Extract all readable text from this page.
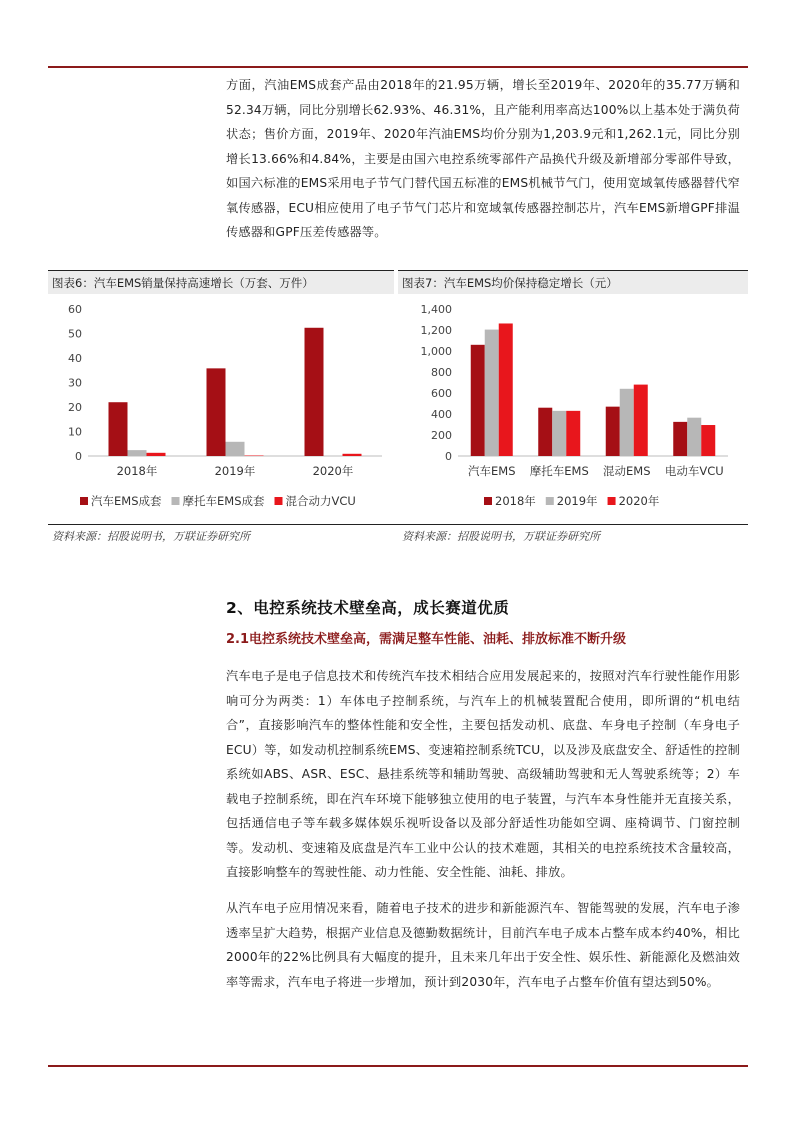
方面，汽油EMS成套产品由2018年的21.95万辆，增长至2019年、2020年的35.77万辆和52.34万辆，同比分别增长62.93%、46.31%，且产能利用率高达100%以上基本处于满负荷状态；售价方面，2019年、2020年汽油EMS均价分别为1,203.9元和1,262.1元，同比分别增长13.66%和4.84%，主要是由国六电控系统零部件产品换代升级及新增部分零部件导致，如国六标准的EMS采用电子节气门替代国五标准的EMS机械节气门，使用宽域氧传感器替代窄氧传感器，ECU相应使用了电子节气门芯片和宽域氧传感器控制芯片，汽车EMS新增GPF排温传感器和GPF压差传感器等。
图表6：汽车EMS销量保持高速增长（万套、万件）	图表7：汽车EMS均价保持稳定增长（元）
0
10
20
30
40
50
60
2018年	2019年	2020年
汽车EMS成套 摩托车EMS成套 混合动力VCU
0
200
400
600
800
1,000
1,200
1,400
汽车EMS 摩托车EMS 混动EMS 电动车VCU
2018年 2019年 2020年
资料来源：招股说明书，万联证券研究所	资料来源：招股说明书，万联证券研究所
2、电控系统技术壁垒高，成长赛道优质
2.1电控系统技术壁垒高，需满足整车性能、油耗、排放标准不断升级
汽车电子是电子信息技术和传统汽车技术相结合应用发展起来的，按照对汽车行驶性能作用影响可分为两类：1）车体电子控制系统，与汽车上的机械装置配合使用，即所谓的“机电结合”，直接影响汽车的整体性能和安全性，主要包括发动机、底盘、车身电子控制（车身电子ECU）等，如发动机控制系统EMS、变速箱控制系统TCU，以及涉及底盘安全、舒适性的控制系统如ABS、ASR、ESC、悬挂系统等和辅助驾驶、高级辅助驾驶和无人驾驶系统等；2）车载电子控制系统，即在汽车环境下能够独立使用的电子装置，与汽车本身性能并无直接关系，包括通信电子等车载多媒体娱乐视听设备以及部分舒适性功能如空调、座椅调节、门窗控制等。发动机、变速箱及底盘是汽车工业中公认的技术难题，其相关的电控系统技术含量较高，直接影响整车的驾驶性能、动力性能、安全性能、油耗、排放。
从汽车电子应用情况来看，随着电子技术的进步和新能源汽车、智能驾驶的发展，汽车电子渗透率呈扩大趋势，根据产业信息及德勤数据统计，目前汽车电子成本占整车成本约40%，相比2000年的22%比例具有大幅度的提升，且未来几年出于安全性、娱乐性、新能源化及燃油效率等需求，汽车电子将进一步增加，预计到2030年，汽车电子占整车价值有望达到50%。
